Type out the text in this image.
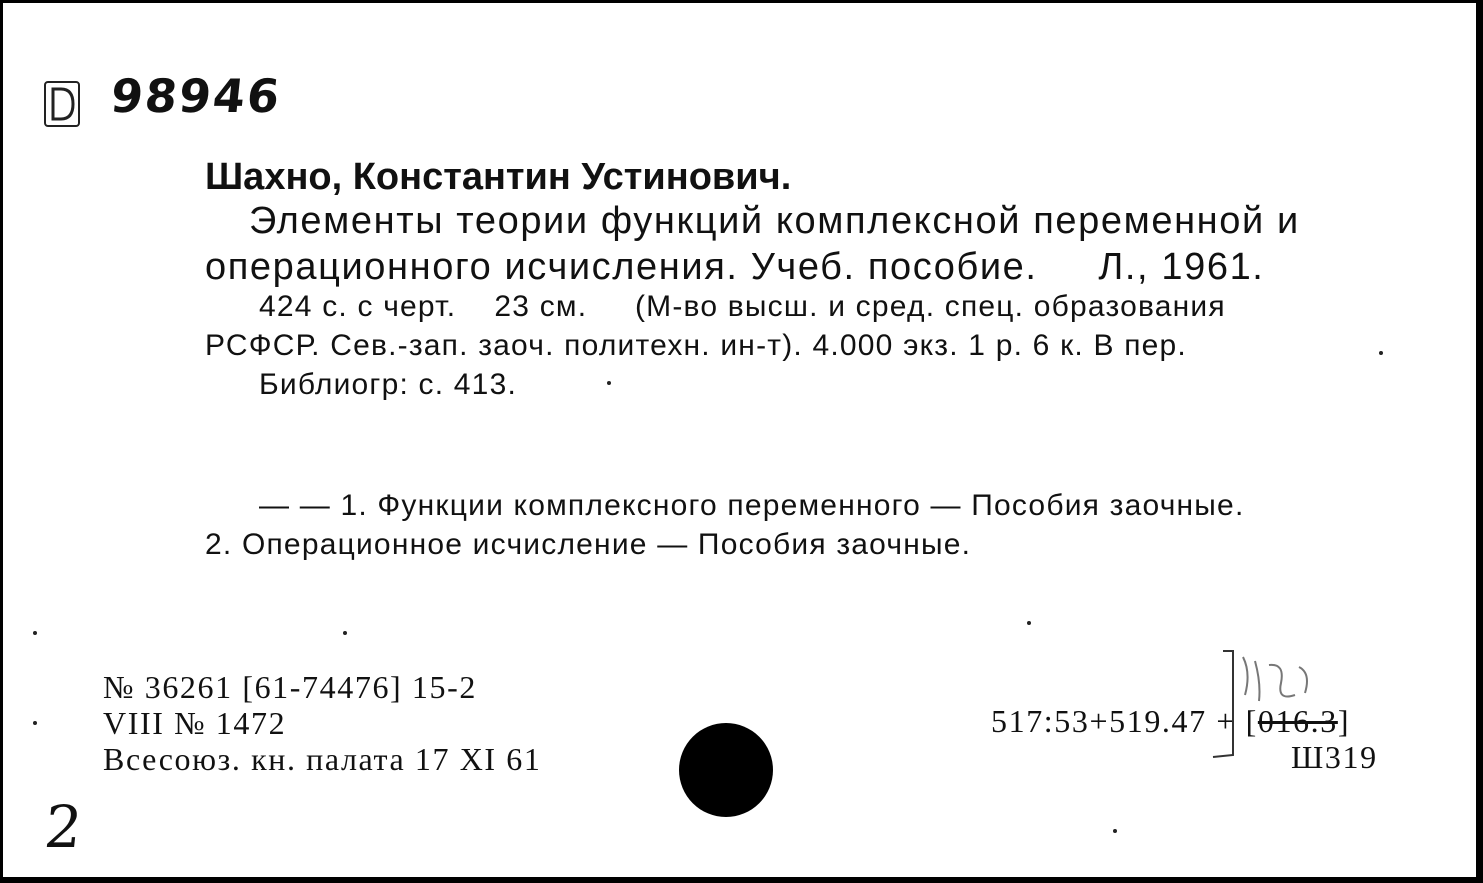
98946
Шахно, Константин Устинович.
Элементы теории функций комплексной переменной и
операционного исчисления. Учеб. пособие.     Л., 1961.
424 с. с черт.    23 см.     (М-во высш. и сред. спец. образования
РСФСР. Сев.-зап. заоч. политехн. ин-т). 4.000 экз. 1 р. 6 к. В пер.
Библиогр: с. 413.
— — 1. Функции комплексного переменного — Пособия заочные.
2. Операционное исчисление — Пособия заочные.
№ 36261 [61-74476] 15-2
VIII № 1472
Всесоюз. кн. палата 17 XI 61
517:53+519.47 + [016.3]
Ш319
2
